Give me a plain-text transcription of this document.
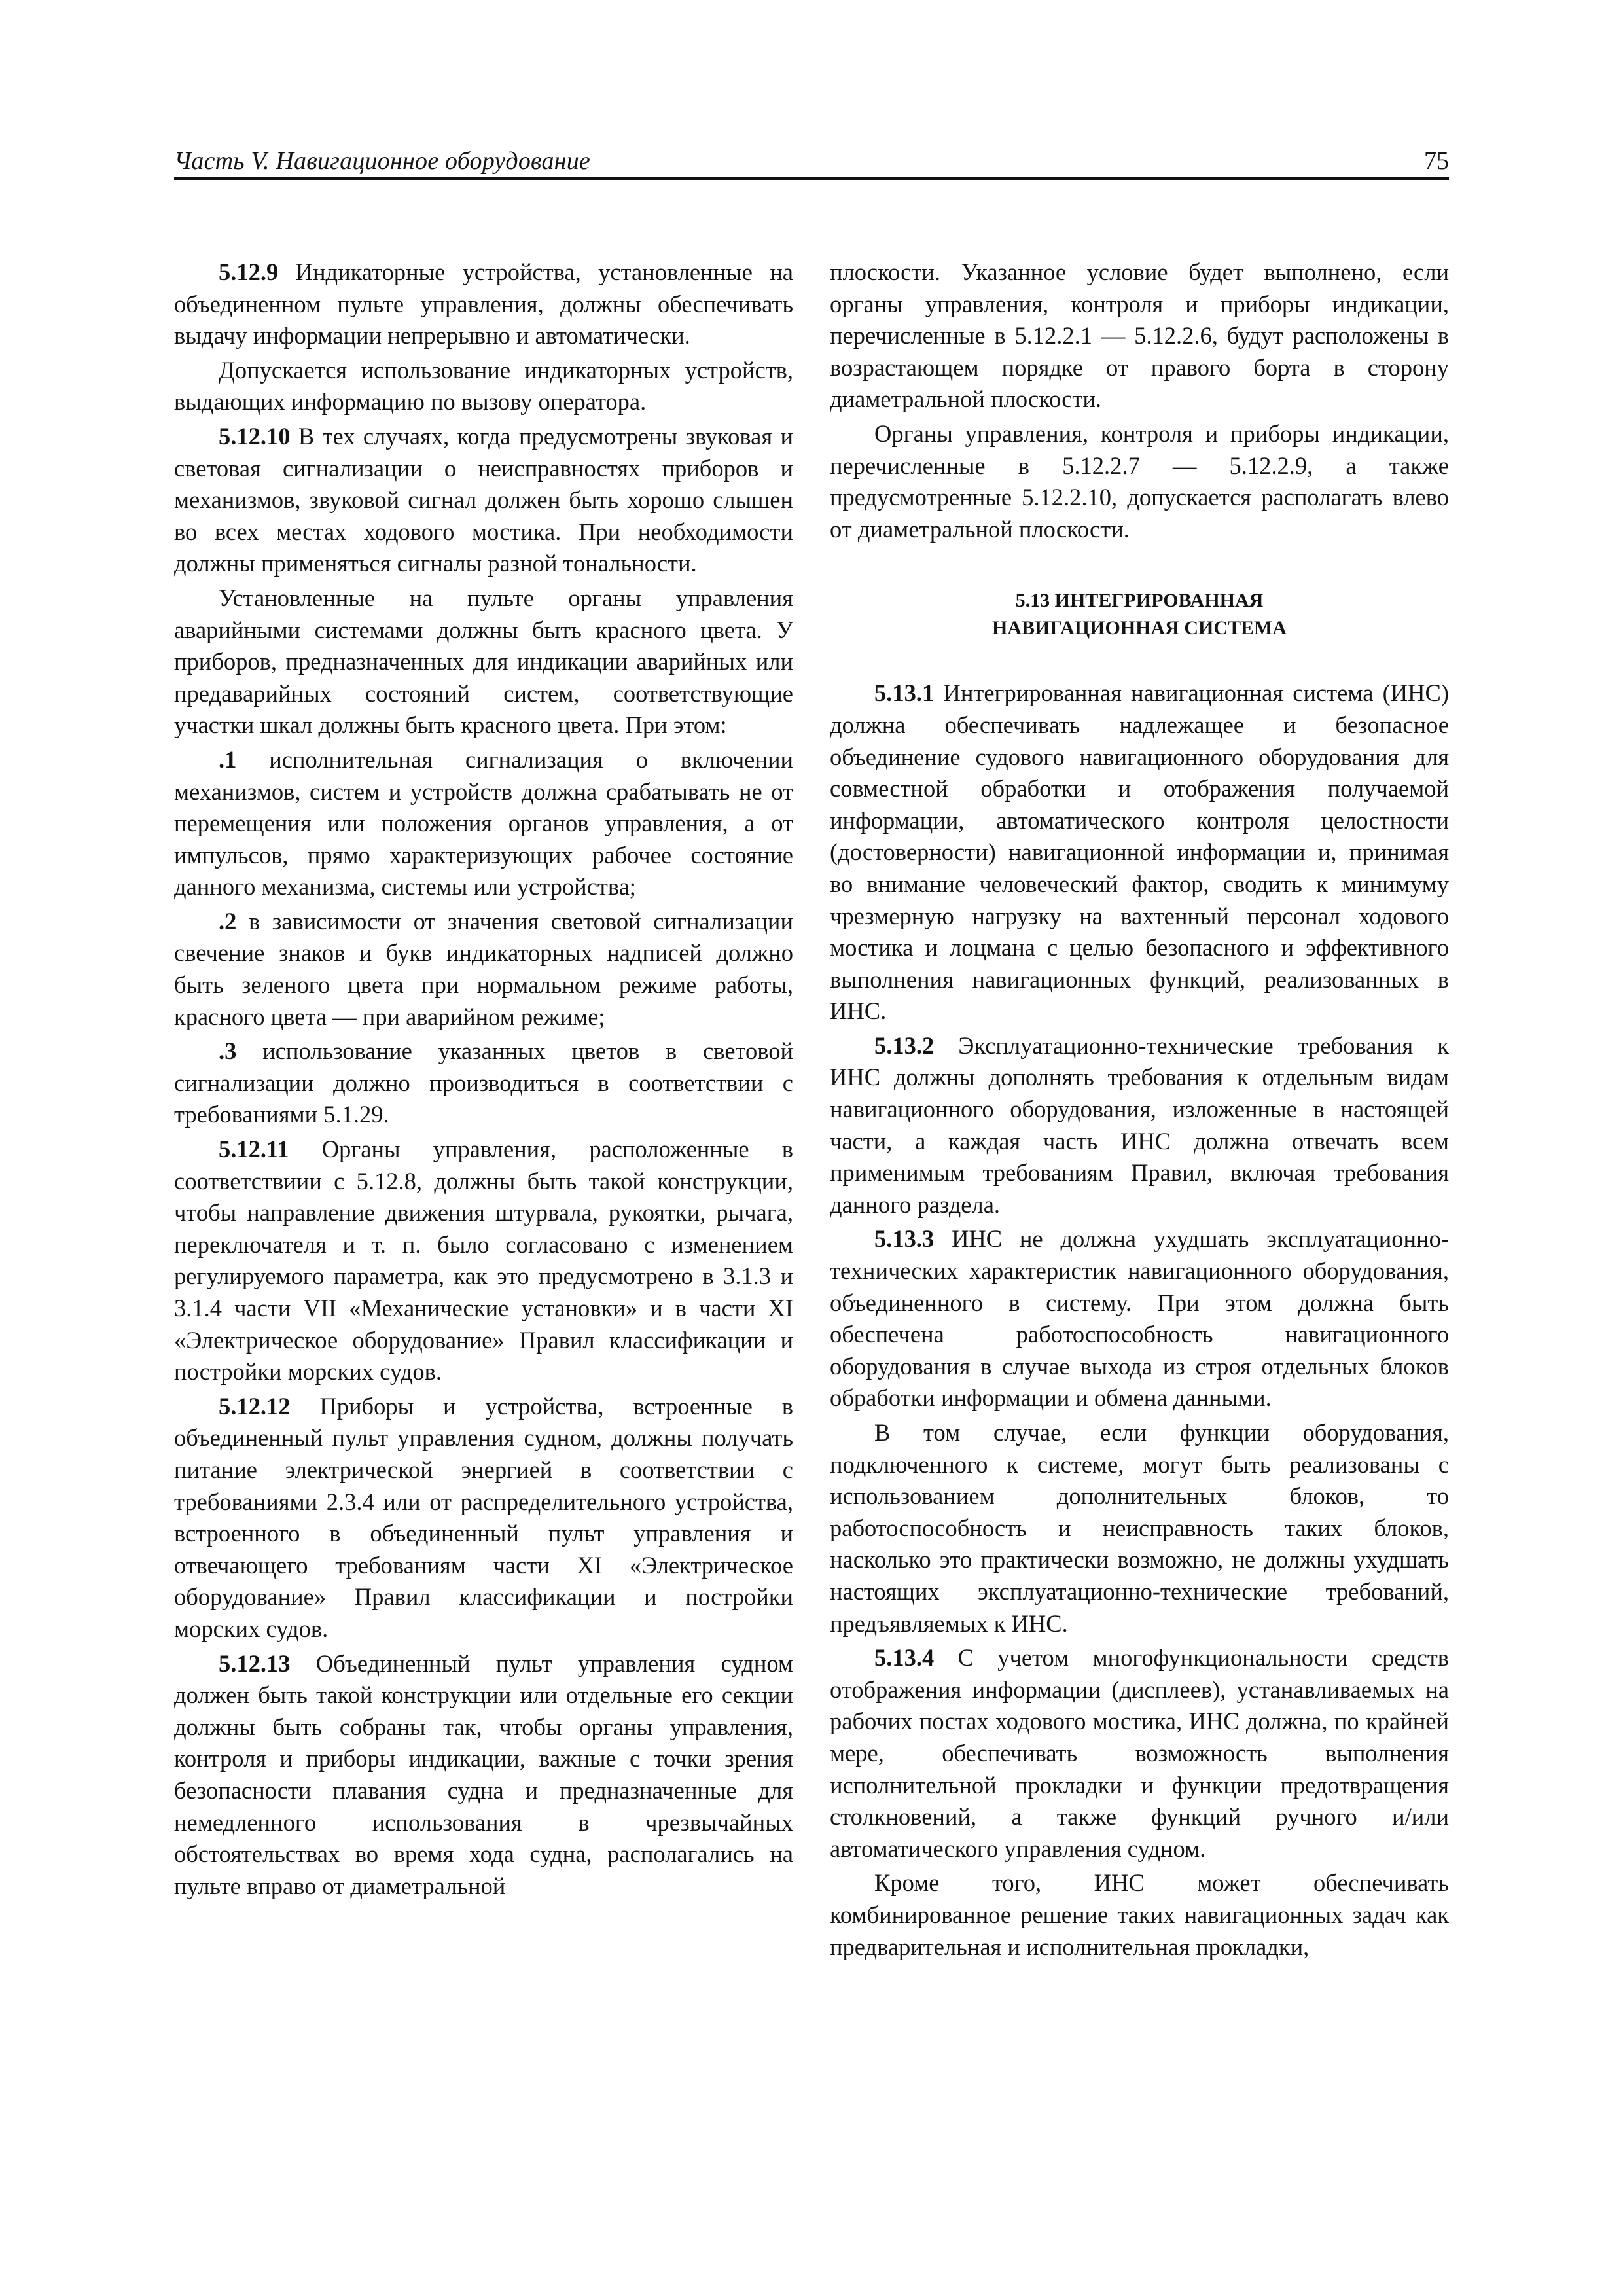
Часть V. Навигационное оборудование	75

5.12.9 Индикаторные устройства, установленные на объединенном пульте управления, должны обеспечивать выдачу информации непрерывно и автоматически.

Допускается использование индикаторных устройств, выдающих информацию по вызову оператора.

5.12.10 В тех случаях, когда предусмотрены звуковая и световая сигнализации о неисправностях приборов и механизмов, звуковой сигнал должен быть хорошо слышен во всех местах ходового мостика. При необходимости должны применяться сигналы разной тональности.

Установленные на пульте органы управления аварийными системами должны быть красного цвета. У приборов, предназначенных для индикации аварийных или предаварийных состояний систем, соответствующие участки шкал должны быть красного цвета. При этом:

.1 исполнительная сигнализация о включении механизмов, систем и устройств должна срабатывать не от перемещения или положения органов управления, а от импульсов, прямо характеризующих рабочее состояние данного механизма, системы или устройства;

.2 в зависимости от значения световой сигнализации свечение знаков и букв индикаторных надписей должно быть зеленого цвета при нормальном режиме работы, красного цвета — при аварийном режиме;

.3 использование указанных цветов в световой сигнализации должно производиться в соответствии с требованиями 5.1.29.

5.12.11 Органы управления, расположенные в соответствиии с 5.12.8, должны быть такой конструкции, чтобы направление движения штурвала, рукоятки, рычага, переключателя и т. п. было согласовано с изменением регулируемого параметра, как это предусмотрено в 3.1.3 и 3.1.4 части VII «Механические установки» и в части XI «Электрическое оборудование» Правил классификации и постройки морских судов.

5.12.12 Приборы и устройства, встроенные в объединенный пульт управления судном, должны получать питание электрической энергией в соответствии с требованиями 2.3.4 или от распределительного устройства, встроенного в объединенный пульт управления и отвечающего требованиям части XI «Электрическое оборудование» Правил классификации и постройки морских судов.

5.12.13 Объединенный пульт управления судном должен быть такой конструкции или отдельные его секции должны быть собраны так, чтобы органы управления, контроля и приборы индикации, важные с точки зрения безопасности плавания судна и предназначенные для немедленного использования в чрезвычайных обстоятельствах во время хода судна, располагались на пульте вправо от диаметральной

плоскости. Указанное условие будет выполнено, если органы управления, контроля и приборы индикации, перечисленные в 5.12.2.1 — 5.12.2.6, будут расположены в возрастающем порядке от правого борта в сторону диаметральной плоскости.

Органы управления, контроля и приборы индикации, перечисленные в 5.12.2.7 — 5.12.2.9, а также предусмотренные 5.12.2.10, допускается располагать влево от диаметральной плоскости.

5.13 ИНТЕГРИРОВАННАЯ
НАВИГАЦИОННАЯ СИСТЕМА

5.13.1 Интегрированная навигационная система (ИНС) должна обеспечивать надлежащее и безопасное объединение судового навигационного оборудования для совместной обработки и отображения получаемой информации, автоматического контроля целостности (достоверности) навигационной информации и, принимая во внимание человеческий фактор, сводить к минимуму чрезмерную нагрузку на вахтенный персонал ходового мостика и лоцмана с целью безопасного и эффективного выполнения навигационных функций, реализованных в ИНС.

5.13.2 Эксплуатационно-технические требования к ИНС должны дополнять требования к отдельным видам навигационного оборудования, изложенные в настоящей части, а каждая часть ИНС должна отвечать всем применимым требованиям Правил, включая требования данного раздела.

5.13.3 ИНС не должна ухудшать эксплуатационно-технических характеристик навигационного оборудования, объединенного в систему. При этом должна быть обеспечена работоспособность навигационного оборудования в случае выхода из строя отдельных блоков обработки информации и обмена данными.

В том случае, если функции оборудования, подключенного к системе, могут быть реализованы с использованием дополнительных блоков, то работоспособность и неисправность таких блоков, насколько это практически возможно, не должны ухудшать настоящих эксплуатационно-технические требований, предъявляемых к ИНС.

5.13.4 С учетом многофункциональности средств отображения информации (дисплеев), устанавливаемых на рабочих постах ходового мостика, ИНС должна, по крайней мере, обеспечивать возможность выполнения исполнительной прокладки и функции предотвращения столкновений, а также функций ручного и/или автоматического управления судном.

Кроме того, ИНС может обеспечивать комбинированное решение таких навигационных задач как предварительная и исполнительная прокладки,
